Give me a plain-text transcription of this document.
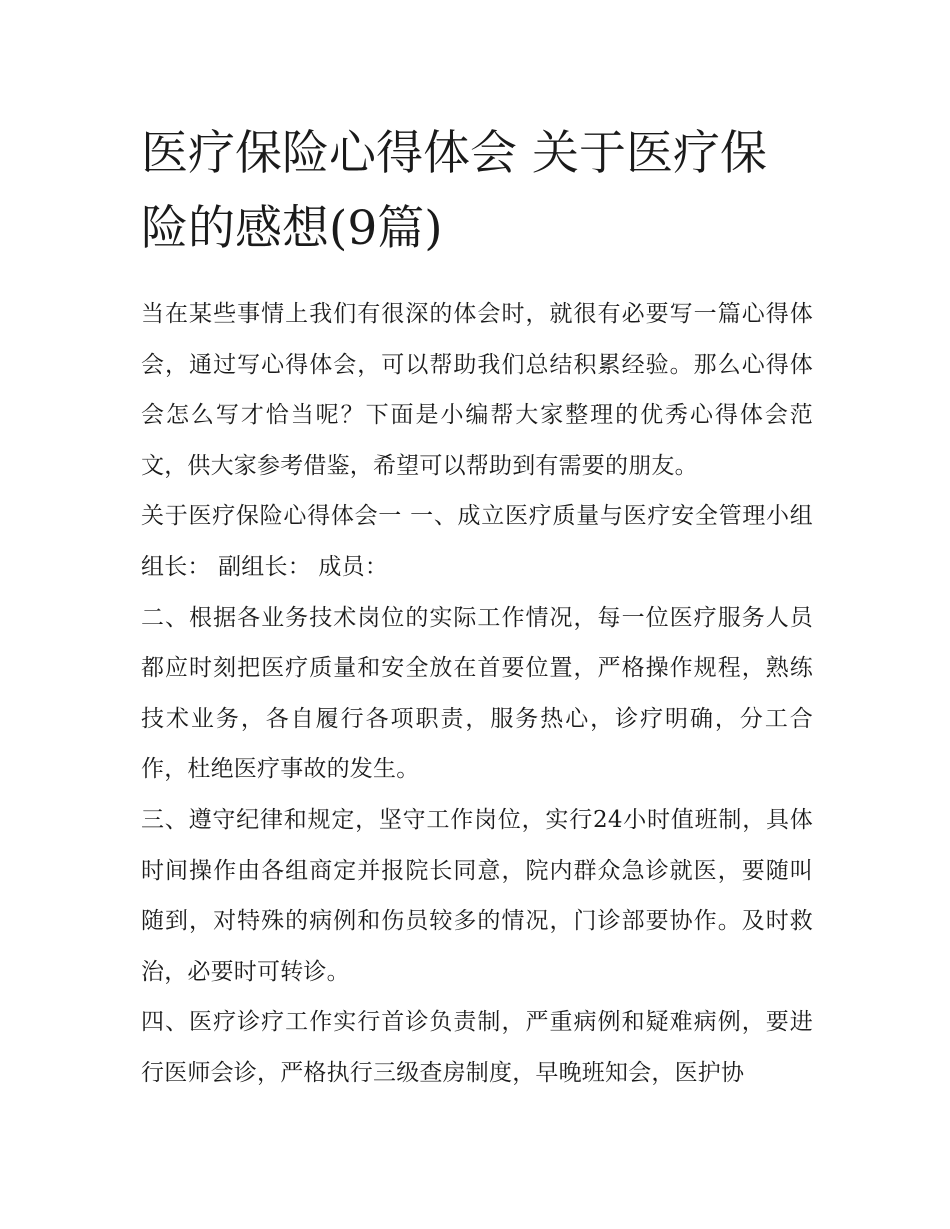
医疗保险心得体会 关于医疗保险的感想(9篇)

当在某些事情上我们有很深的体会时，就很有必要写一篇心得体会，通过写心得体会，可以帮助我们总结积累经验。那么心得体会怎么写才恰当呢？下面是小编帮大家整理的优秀心得体会范文，供大家参考借鉴，希望可以帮助到有需要的朋友。

关于医疗保险心得体会一 一、成立医疗质量与医疗安全管理小组 组长： 副组长： 成员：

二、根据各业务技术岗位的实际工作情况，每一位医疗服务人员都应时刻把医疗质量和安全放在首要位置，严格操作规程，熟练技术业务，各自履行各项职责，服务热心，诊疗明确，分工合作，杜绝医疗事故的发生。

三、遵守纪律和规定，坚守工作岗位，实行24小时值班制，具体时间操作由各组商定并报院长同意，院内群众急诊就医，要随叫随到，对特殊的病例和伤员较多的情况，门诊部要协作。及时救治，必要时可转诊。

四、医疗诊疗工作实行首诊负责制，严重病例和疑难病例，要进行医师会诊，严格执行三级查房制度，早晚班知会，医护协
